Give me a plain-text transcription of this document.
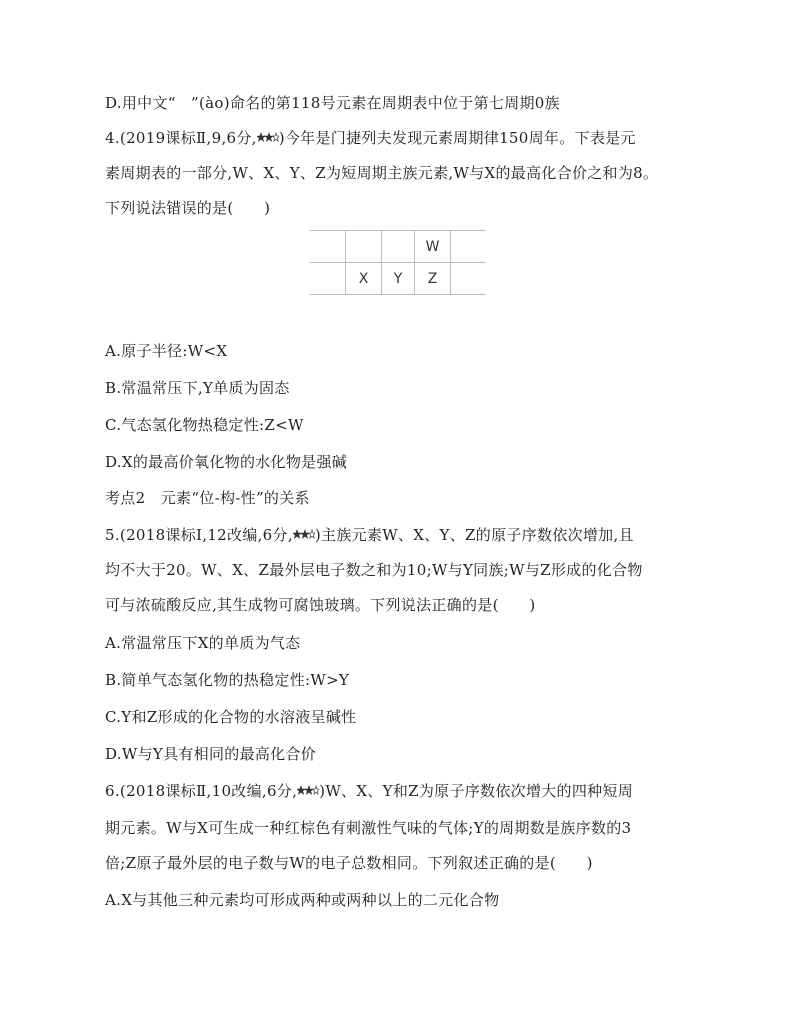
D.用中文“　”(ào)命名的第118号元素在周期表中位于第七周期0族
4.(2019课标Ⅱ,9,6分, )今年是门捷列夫发现元素周期律150周年。下表是元
素周期表的一部分,W、X、Y、Z为短周期主族元素,W与X的最高化合价之和为8。
下列说法错误的是(　　)
			W	
	X	Y	Z	
A.原子半径:W<X
B.常温常压下,Y单质为固态
C.气态氢化物热稳定性:Z<W
D.X的最高价氧化物的水化物是强碱
考点2　元素“位-构-性”的关系
5.(2018课标Ⅰ,12改编,6分, )主族元素W、X、Y、Z的原子序数依次增加,且
均不大于20。W、X、Z最外层电子数之和为10;W与Y同族;W与Z形成的化合物
可与浓硫酸反应,其生成物可腐蚀玻璃。下列说法正确的是(　　)
A.常温常压下X的单质为气态
B.简单气态氢化物的热稳定性:W>Y
C.Y和Z形成的化合物的水溶液呈碱性
D.W与Y具有相同的最高化合价
6.(2018课标Ⅱ,10改编,6分, )W、X、Y和Z为原子序数依次增大的四种短周
期元素。W与X可生成一种红棕色有刺激性气味的气体;Y的周期数是族序数的3
倍;Z原子最外层的电子数与W的电子总数相同。下列叙述正确的是(　　)
A.X与其他三种元素均可形成两种或两种以上的二元化合物
